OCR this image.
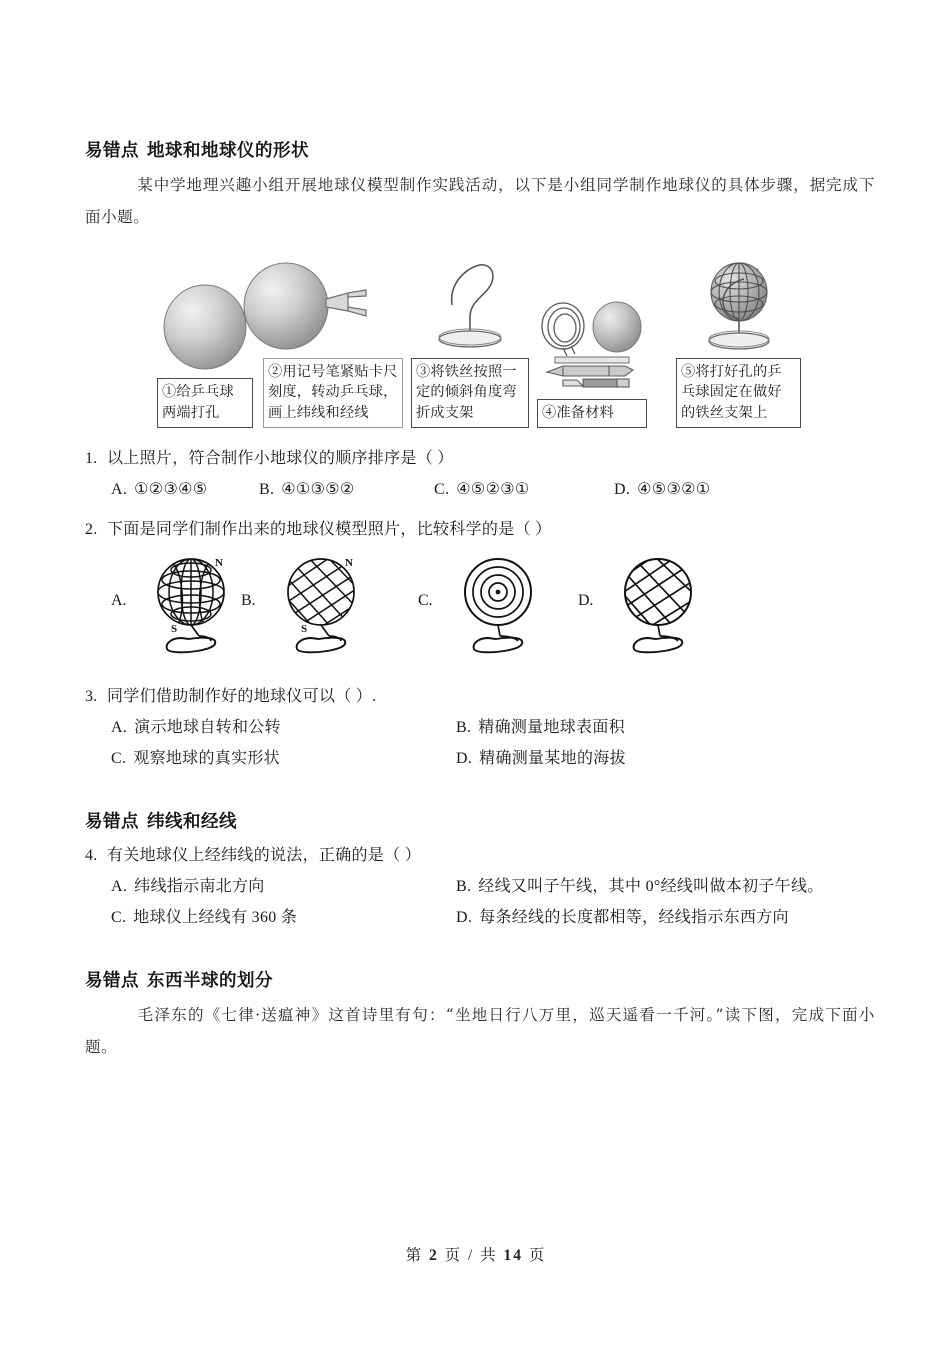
易错点 地球和地球仪的形状

某中学地理兴趣小组开展地球仪模型制作实践活动，以下是小组同学制作地球仪的具体步骤，据完成下面小题。

①给乒乓球两端打孔
②用记号笔紧贴卡尺刻度，转动乒乓球，画上纬线和经线
③将铁丝按照一定的倾斜角度弯折成支架	④准备材料
⑤将打好孔的乒乓球固定在做好的铁丝支架上

1. 以上照片，符合制作小地球仪的顺序排序是（ ）

A. ①②③④⑤	B. ④①③⑤②	C. ④⑤②③①	D. ④⑤③②①

2. 下面是同学们制作出来的地球仪模型照片，比较科学的是（ ）

A.
N
S
B.
N
S
C.	D.

3. 同学们借助制作好的地球仪可以（ ）.

A. 演示地球自转和公转	B. 精确测量地球表面积
C. 观察地球的真实形状	D. 精确测量某地的海拔
易错点 纬线和经线

4. 有关地球仪上经纬线的说法，正确的是（ ）

A. 纬线指示南北方向	B. 经线又叫子午线，其中 0°经线叫做本初子午线。
C. 地球仪上经线有 360 条	D. 每条经线的长度都相等，经线指示东西方向
易错点 东西半球的划分

毛泽东的《七律·送瘟神》这首诗里有句：“坐地日行八万里，巡天遥看一千河。”读下图，完成下面小题。

第 2 页 / 共 14 页
